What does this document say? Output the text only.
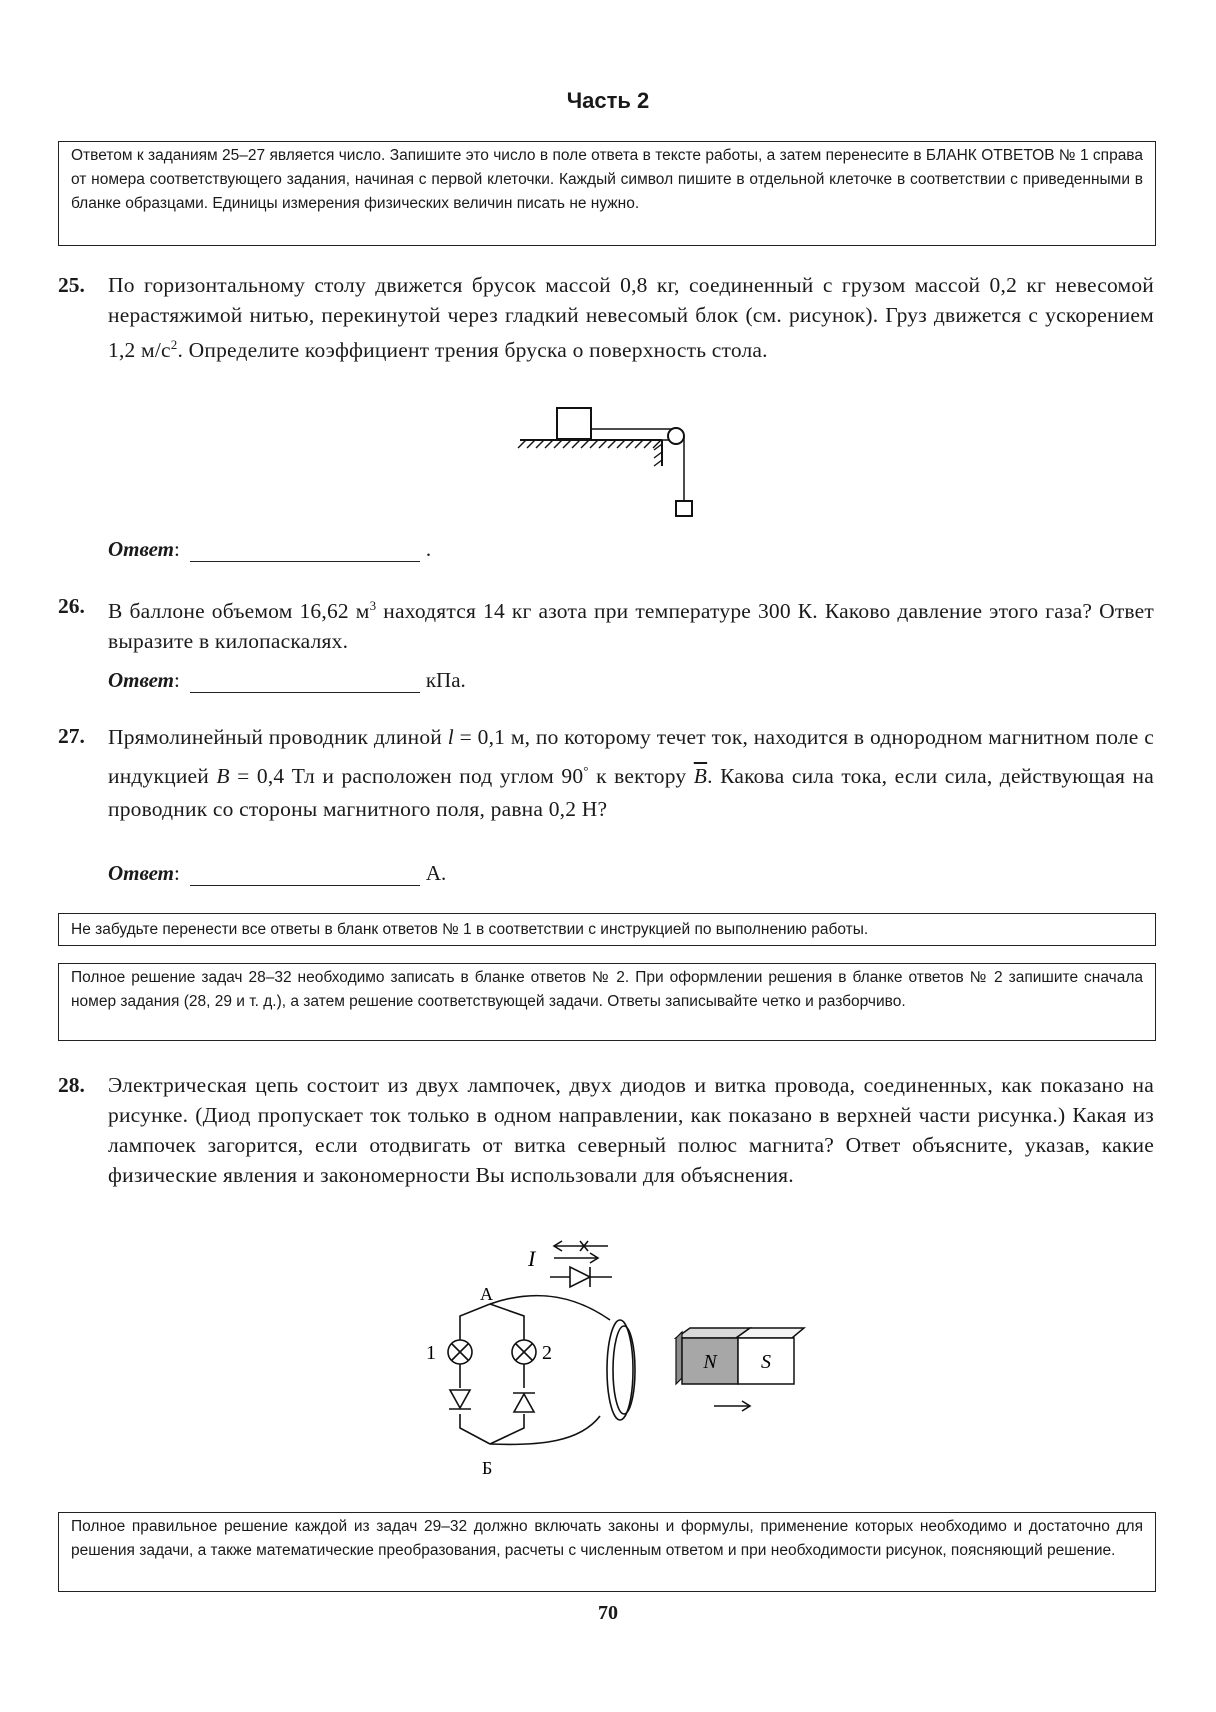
Часть 2
Ответом к заданиям 25–27 является число. Запишите это число в поле ответа в тексте работы, а затем перенесите в БЛАНК ОТВЕТОВ № 1 справа от номера соответствующего задания, начиная с первой клеточки. Каждый символ пишите в отдельной клеточке в соответствии с приведенными в бланке образцами. Единицы измерения физических величин писать не нужно.
25. По горизонтальному столу движется брусок массой 0,8 кг, соединенный с грузом массой 0,2 кг невесомой нерастяжимой нитью, перекинутой через гладкий невесомый блок (см. рисунок). Груз движется с ускорением 1,2 $м/с^2$. Определите коэффициент трения бруска о поверхность стола.
Ответ:	.
26. В баллоне объемом 16,62 $м^3$ находятся 14 кг азота при температуре 300 К. Каково давление этого газа? Ответ выразите в килопаскалях.
Ответ:	кПа.
27. Прямолинейный проводник длиной l = 0,1 м, по которому течет ток, находится в однородном магнитном поле с индукцией B = 0,4 Тл и расположен под углом 90° к вектору $\overline{B}$. Какова сила тока, если сила, действующая на проводник со стороны магнитного поля, равна 0,2 Н?
Ответ:	А.
Не забудьте перенести все ответы в бланк ответов № 1 в соответствии с инструкцией по выполнению работы.
Полное решение задач 28–32 необходимо записать в бланке ответов № 2. При оформлении решения в бланке ответов № 2 запишите сначала номер задания (28, 29 и т. д.), а затем решение соответствующей задачи. Ответы записывайте четко и разборчиво.
28. Электрическая цепь состоит из двух лампочек, двух диодов и витка провода, соединенных, как показано на рисунке. (Диод пропускает ток только в одном направлении, как показано в верхней части рисунка.) Какая из лампочек загорится, если отодвигать от витка северный полюс магнита? Ответ объясните, указав, какие физические явления и закономерности Вы использовали для объяснения.
I
А
Б
1	2	N S
Полное правильное решение каждой из задач 29–32 должно включать законы и формулы, применение которых необходимо и достаточно для решения задачи, а также математические преобразования, расчеты с численным ответом и при необходимости рисунок, поясняющий решение.
70
